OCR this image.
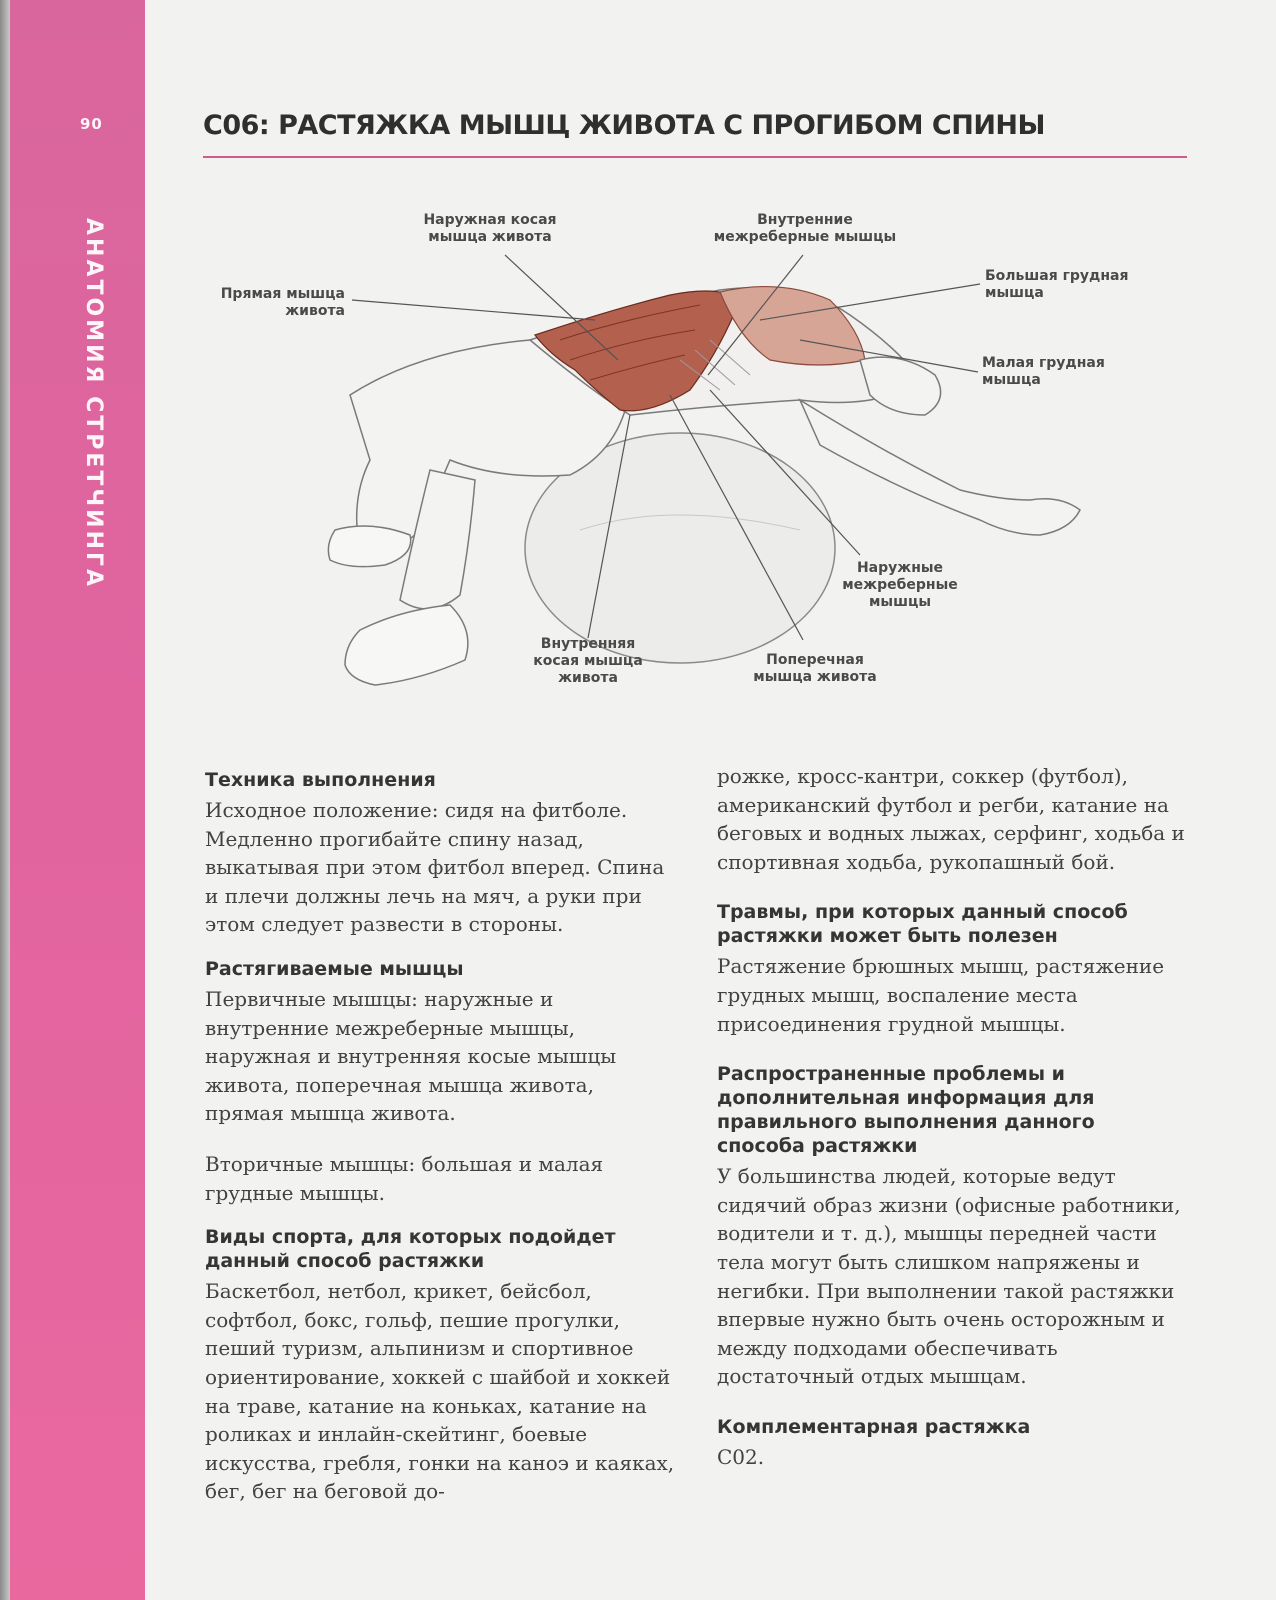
90
АНАТОМИЯ СТРЕТЧИНГА
С06: РАСТЯЖКА МЫШЦ ЖИВОТА С ПРОГИБОМ СПИНЫ
Наружная косая мышца живота
Внутренние межреберные мышцы
Прямая мышца живота
Большая грудная мышца
Малая грудная мышца
Наружные межреберные мышцы
Внутренняя косая мышца живота
Поперечная мышца живота
Техника выполнения

Исходное положение: сидя на фитболе. Медленно прогибайте спину назад, выкатывая при этом фитбол вперед. Спина и плечи должны лечь на мяч, а руки при этом следует развести в стороны.

Растягиваемые мышцы

Первичные мышцы: наружные и внутренние межреберные мышцы, наружная и внутренняя косые мышцы живота, поперечная мышца живота, прямая мышца живота.

Вторичные мышцы: большая и малая грудные мышцы.

Виды спорта, для которых подойдет данный способ растяжки

Баскетбол, нетбол, крикет, бейсбол, софтбол, бокс, гольф, пешие прогулки, пеший туризм, альпинизм и спортивное ориентирование, хоккей с шайбой и хоккей на траве, катание на коньках, катание на роликах и инлайн-скейтинг, боевые искусства, гребля, гонки на каноэ и каяках, бег, бег на беговой до-

рожке, кросс-кантри, соккер (футбол), американский футбол и регби, катание на беговых и водных лыжах, серфинг, ходьба и спортивная ходьба, рукопашный бой.

Травмы, при которых данный способ растяжки может быть полезен

Растяжение брюшных мышц, растяжение грудных мышц, воспаление места присоединения грудной мышцы.

Распространенные проблемы и дополнительная информация для правильного выполнения данного способа растяжки

У большинства людей, которые ведут сидячий образ жизни (офисные работники, водители и т. д.), мышцы передней части тела могут быть слишком напряжены и негибки. При выполнении такой растяжки впервые нужно быть очень осторожным и между подходами обеспечивать достаточный отдых мышцам.

Комплементарная растяжка

С02.
